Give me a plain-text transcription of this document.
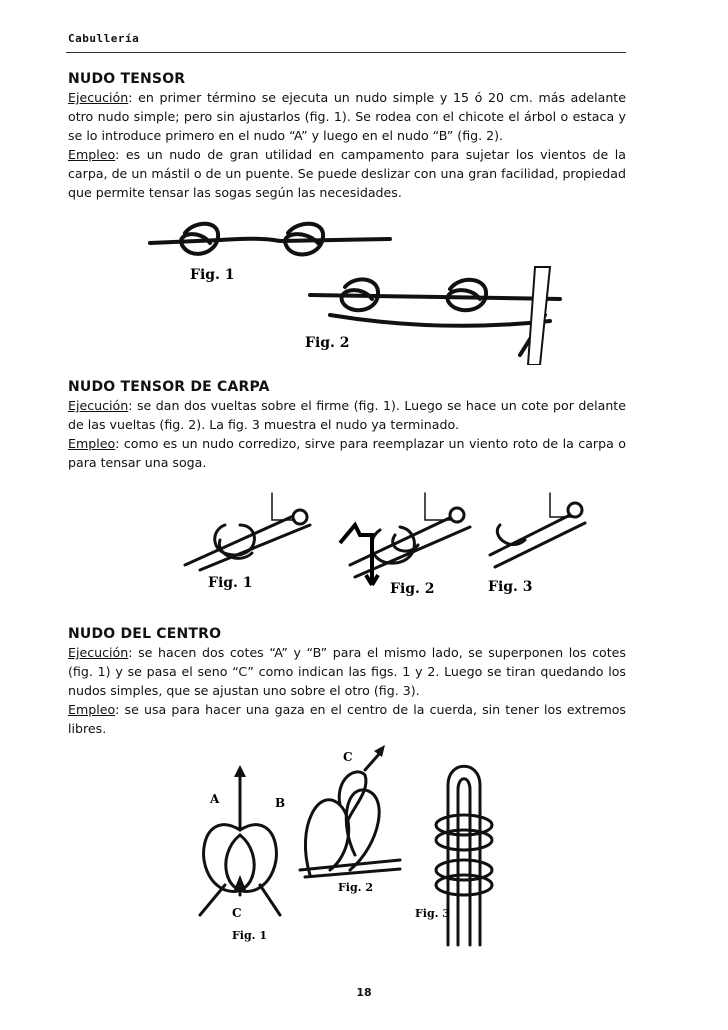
Cabullería
NUDO TENSOR

Ejecución: en primer término se ejecuta un nudo simple y 15 ó 20 cm. más adelante otro nudo simple; pero sin ajustarlos (fig. 1). Se rodea con el chicote el árbol o estaca y se lo introduce primero en el nudo “A” y luego en el nudo “B” (fig. 2).

Empleo: es un nudo de gran utilidad en campamento para sujetar los vientos de la carpa, de un mástil o de un puente. Se puede deslizar con una gran facilidad, propiedad que permite tensar las sogas según las necesidades.

Fig. 1
Fig. 2
NUDO TENSOR DE CARPA

Ejecución: se dan dos vueltas sobre el firme (fig. 1). Luego se hace un cote por delante de las vueltas (fig. 2). La fig. 3 muestra el nudo ya terminado.

Empleo: como es un nudo corredizo, sirve para reemplazar un viento roto de la carpa o para tensar una soga.

Fig. 1	Fig. 2	Fig. 3
NUDO DEL CENTRO

Ejecución: se hacen dos cotes “A” y “B” para el mismo lado, se superponen los cotes (fig. 1) y se pasa el seno “C” como indican las figs. 1 y 2. Luego se tiran quedando los nudos simples, que se ajustan uno sobre el otro (fig. 3).

Empleo: se usa para hacer una gaza en el centro de la cuerda, sin tener los extremos libres.

A	B
C
C
Fig. 1
Fig. 2
Fig. 3
18
